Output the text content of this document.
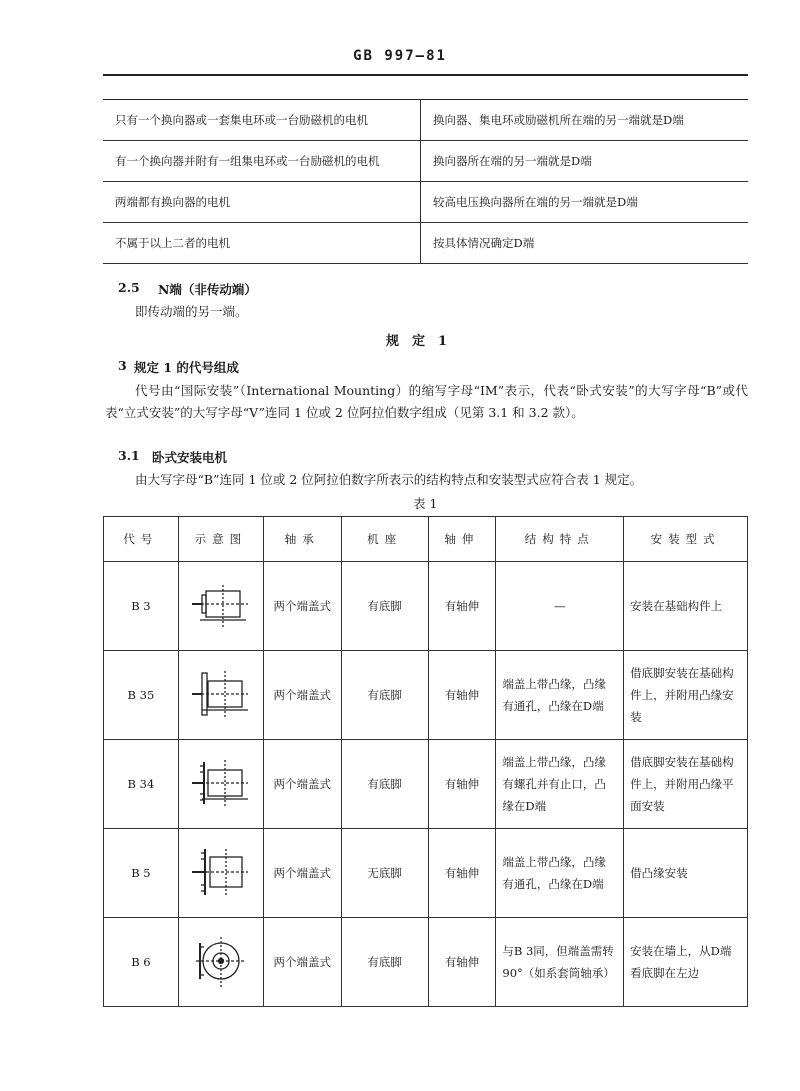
GB 997—81
只有一个换向器或一套集电环或一台励磁机的电机	换向器、集电环或励磁机所在端的另一端就是D端
有一个换向器并附有一组集电环或一台励磁机的电机	换向器所在端的另一端就是D端
两端都有换向器的电机	较高电压换向器所在端的另一端就是D端
不属于以上二者的电机	按具体情况确定D端
2.5 N端（非传动端）
即传动端的另一端。
规　定　1
3 规定 1 的代号组成
代号由“国际安装”（International Mounting）的缩写字母“IM”表示，代表“卧式安装”的大写字母“B”或代表“立式安装”的大写字母“V”连同 1 位或 2 位阿拉伯数字组成（见第 3.1 和 3.2 款）。
3.1 卧式安装电机
由大写字母“B”连同 1 位或 2 位阿拉伯数字所表示的结构特点和安装型式应符合表 1 规定。
表 1
代号	示意图	轴承	机座	轴伸	结构特点	安装型式
B 3		两个端盖式	有底脚	有轴伸	—	安装在基础构件上
B 35		两个端盖式	有底脚	有轴伸	端盖上带凸缘，凸缘有通孔，凸缘在D端	借底脚安装在基础构件上，并附用凸缘安装
B 34		两个端盖式	有底脚	有轴伸	端盖上带凸缘，凸缘有螺孔并有止口，凸缘在D端	借底脚安装在基础构件上，并附用凸缘平面安装
B 5		两个端盖式	无底脚	有轴伸	端盖上带凸缘，凸缘有通孔，凸缘在D端	借凸缘安装
B 6		两个端盖式	有底脚	有轴伸	与B 3同，但端盖需转90°（如系套筒轴承）	安装在墙上，从D端看底脚在左边
